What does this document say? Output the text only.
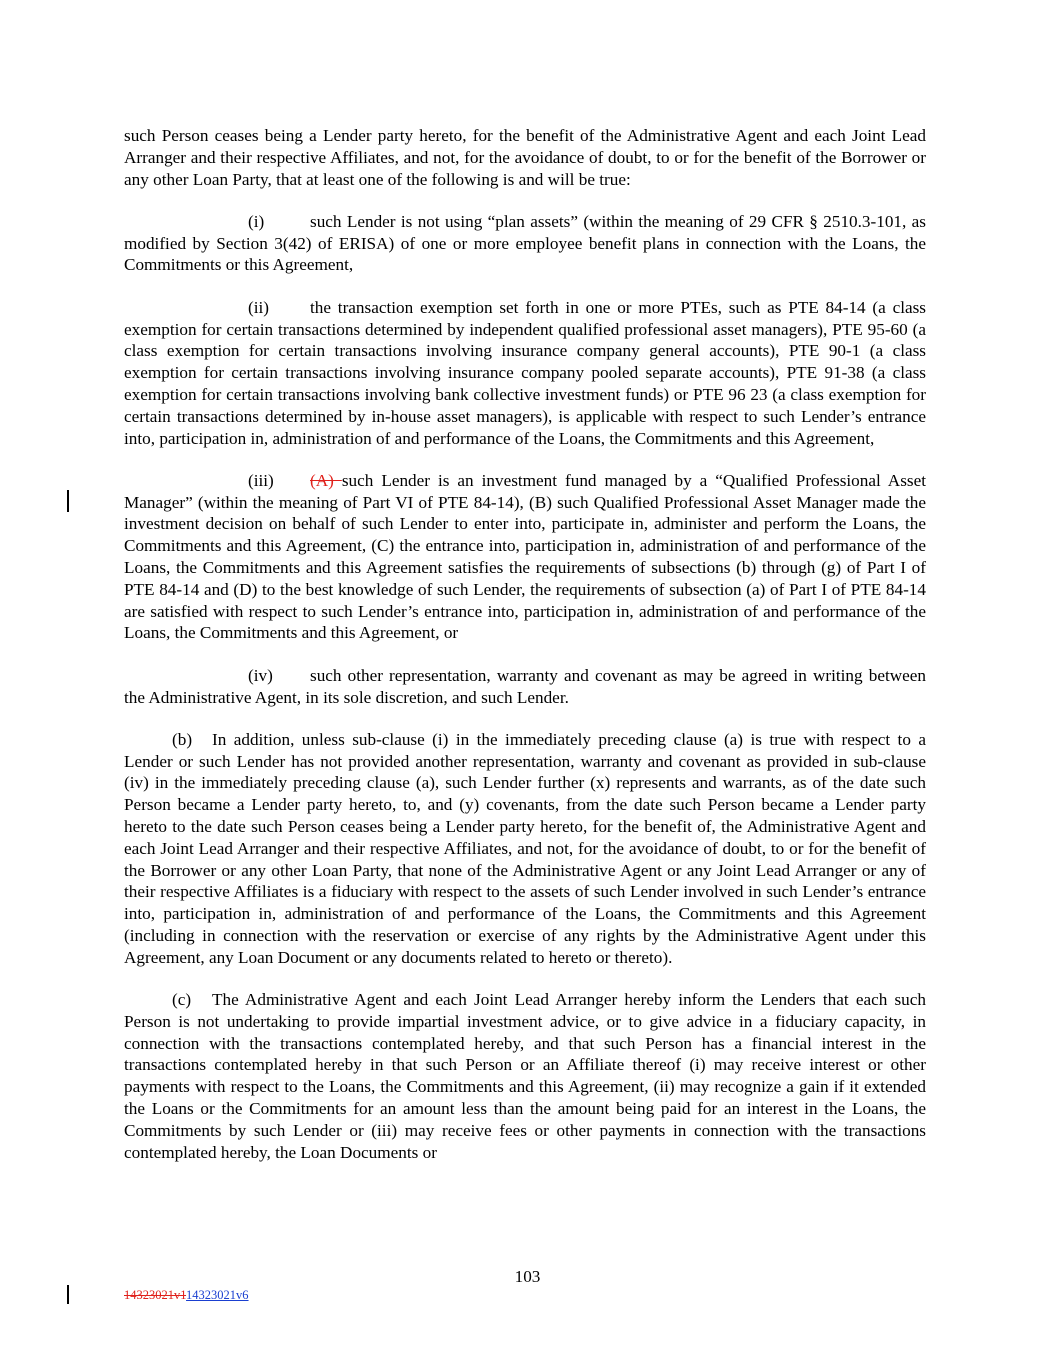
such Person ceases being a Lender party hereto, for the benefit of the Administrative Agent and each Joint Lead Arranger and their respective Affiliates, and not, for the avoidance of doubt, to or for the benefit of the Borrower or any other Loan Party, that at least one of the following is and will be true:

(i)	such Lender is not using “plan assets” (within the meaning of 29 CFR § 2510.3-101, as modified by Section 3(42) of ERISA) of one or more employee benefit plans in connection with the Loans, the Commitments or this Agreement,

(ii) the transaction exemption set forth in one or more PTEs, such as PTE 84-14 (a class exemption for certain transactions determined by independent qualified professional asset managers), PTE 95-60 (a class exemption for certain transactions involving insurance company general accounts), PTE 90-1 (a class exemption for certain transactions involving insurance company pooled separate accounts), PTE 91-38 (a class exemption for certain transactions involving bank collective investment funds) or PTE 96 23 (a class exemption for certain transactions determined by in-house asset managers), is applicable with respect to such Lender’s entrance into, participation in, administration of and performance of the Loans, the Commitments and this Agreement,

(iii) (A) such Lender is an investment fund managed by a “Qualified Professional Asset Manager” (within the meaning of Part VI of PTE 84-14), (B) such Qualified Professional Asset Manager made the investment decision on behalf of such Lender to enter into, participate in, administer and perform the Loans, the Commitments and this Agreement, (C) the entrance into, participation in, administration of and performance of the Loans, the Commitments and this Agreement satisfies the requirements of subsections (b) through (g) of Part I of PTE 84-14 and (D) to the best knowledge of such Lender, the requirements of subsection (a) of Part I of PTE 84-14 are satisfied with respect to such Lender’s entrance into, participation in, administration of and performance of the Loans, the Commitments and this Agreement, or

(iv) such other representation, warranty and covenant as may be agreed in writing between the Administrative Agent, in its sole discretion, and such Lender.

(b) In addition, unless sub-clause (i) in the immediately preceding clause (a) is true with respect to a Lender or such Lender has not provided another representation, warranty and covenant as provided in sub-clause (iv) in the immediately preceding clause (a), such Lender further (x) represents and warrants, as of the date such Person became a Lender party hereto, to, and (y) covenants, from the date such Person became a Lender party hereto to the date such Person ceases being a Lender party hereto, for the benefit of, the Administrative Agent and each Joint Lead Arranger and their respective Affiliates, and not, for the avoidance of doubt, to or for the benefit of the Borrower or any other Loan Party, that none of the Administrative Agent or any Joint Lead Arranger or any of their respective Affiliates is a fiduciary with respect to the assets of such Lender involved in such Lender’s entrance into, participation in, administration of and performance of the Loans, the Commitments and this Agreement (including in connection with the reservation or exercise of any rights by the Administrative Agent under this Agreement, any Loan Document or any documents related to hereto or thereto).

(c) The Administrative Agent and each Joint Lead Arranger hereby inform the Lenders that each such Person is not undertaking to provide impartial investment advice, or to give advice in a fiduciary capacity, in connection with the transactions contemplated hereby, and that such Person has a financial interest in the transactions contemplated hereby in that such Person or an Affiliate thereof (i) may receive interest or other payments with respect to the Loans, the Commitments and this Agreement, (ii) may recognize a gain if it extended the Loans or the Commitments for an amount less than the amount being paid for an interest in the Loans, the Commitments by such Lender or (iii) may receive fees or other payments in connection with the transactions contemplated hereby, the Loan Documents or

103
14323021v114323021v6
